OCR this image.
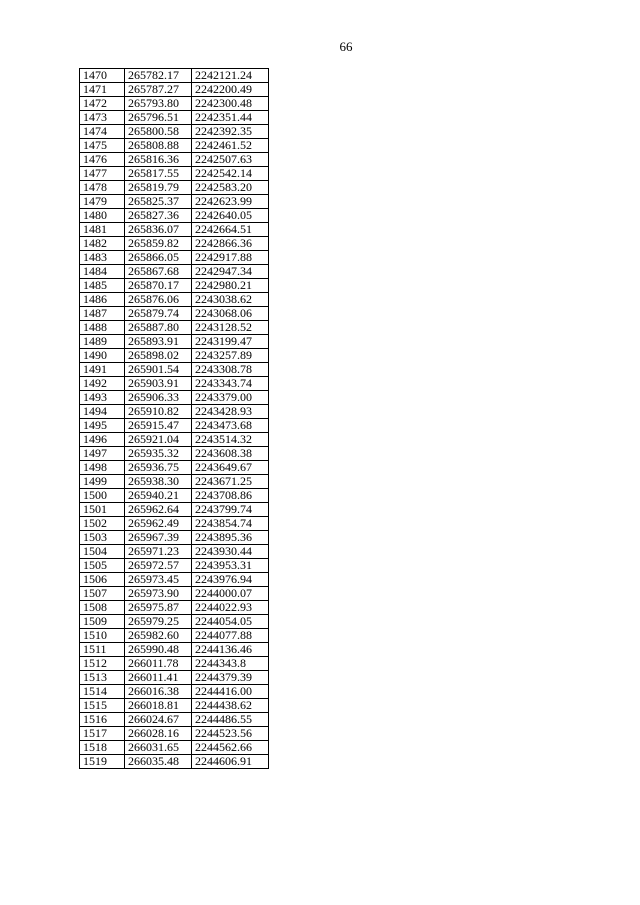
66
1470	265782.17	2242121.24
1471	265787.27	2242200.49
1472	265793.80	2242300.48
1473	265796.51	2242351.44
1474	265800.58	2242392.35
1475	265808.88	2242461.52
1476	265816.36	2242507.63
1477	265817.55	2242542.14
1478	265819.79	2242583.20
1479	265825.37	2242623.99
1480	265827.36	2242640.05
1481	265836.07	2242664.51
1482	265859.82	2242866.36
1483	265866.05	2242917.88
1484	265867.68	2242947.34
1485	265870.17	2242980.21
1486	265876.06	2243038.62
1487	265879.74	2243068.06
1488	265887.80	2243128.52
1489	265893.91	2243199.47
1490	265898.02	2243257.89
1491	265901.54	2243308.78
1492	265903.91	2243343.74
1493	265906.33	2243379.00
1494	265910.82	2243428.93
1495	265915.47	2243473.68
1496	265921.04	2243514.32
1497	265935.32	2243608.38
1498	265936.75	2243649.67
1499	265938.30	2243671.25
1500	265940.21	2243708.86
1501	265962.64	2243799.74
1502	265962.49	2243854.74
1503	265967.39	2243895.36
1504	265971.23	2243930.44
1505	265972.57	2243953.31
1506	265973.45	2243976.94
1507	265973.90	2244000.07
1508	265975.87	2244022.93
1509	265979.25	2244054.05
1510	265982.60	2244077.88
1511	265990.48	2244136.46
1512	266011.78	2244343.8
1513	266011.41	2244379.39
1514	266016.38	2244416.00
1515	266018.81	2244438.62
1516	266024.67	2244486.55
1517	266028.16	2244523.56
1518	266031.65	2244562.66
1519	266035.48	2244606.91
